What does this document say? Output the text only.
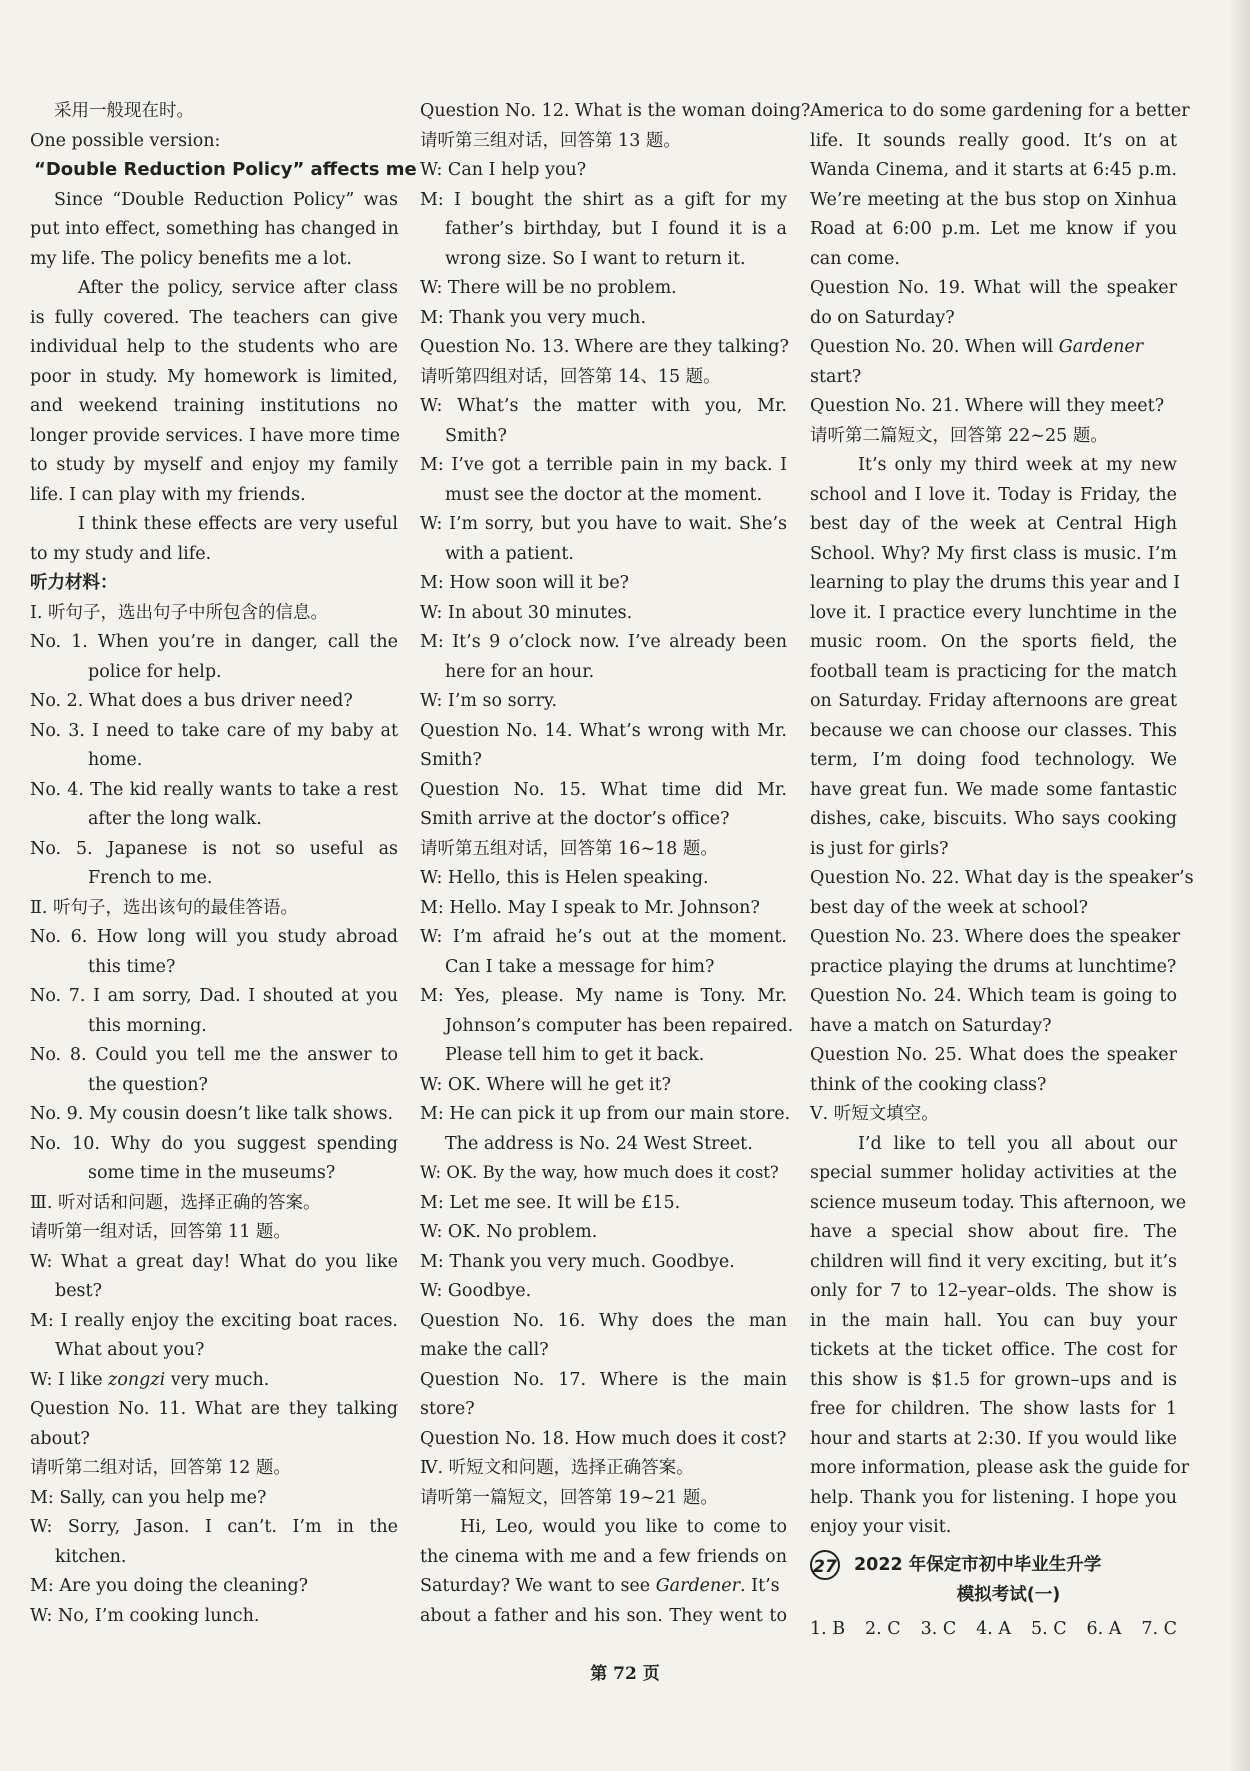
采用一般现在时。
One possible version:
“Double Reduction Policy” affects me
Since “Double Reduction Policy” was
put into effect, something has changed in
my life. The policy benefits me a lot.
After the policy, service after class
is fully covered. The teachers can give
individual help to the students who are
poor in study. My homework is limited,
and weekend training institutions no
longer provide services. I have more time
to study by myself and enjoy my family
life. I can play with my friends.
I think these effects are very useful
to my study and life.
听力材料：
Ⅰ. 听句子，选出句子中所包含的信息。
No. 1. When you’re in danger, call the
police for help.
No. 2. What does a bus driver need?
No. 3. I need to take care of my baby at
home.
No. 4. The kid really wants to take a rest
after the long walk.
No. 5. Japanese is not so useful as
French to me.
Ⅱ. 听句子，选出该句的最佳答语。
No. 6. How long will you study abroad
this time?
No. 7. I am sorry, Dad. I shouted at you
this morning.
No. 8. Could you tell me the answer to
the question?
No. 9. My cousin doesn’t like talk shows.
No. 10. Why do you suggest spending
some time in the museums?
Ⅲ. 听对话和问题，选择正确的答案。
请听第一组对话，回答第 11 题。
W: What a great day! What do you like
best?
M: I really enjoy the exciting boat races.
What about you?
W: I like zongzi very much.
Question No. 11. What are they talking
about?
请听第二组对话，回答第 12 题。
M: Sally, can you help me?
W: Sorry, Jason. I can’t. I’m in the
kitchen.
M: Are you doing the cleaning?
W: No, I’m cooking lunch.
Question No. 12. What is the woman doing?
请听第三组对话，回答第 13 题。
W: Can I help you?
M: I bought the shirt as a gift for my
father’s birthday, but I found it is a
wrong size. So I want to return it.
W: There will be no problem.
M: Thank you very much.
Question No. 13. Where are they talking?
请听第四组对话，回答第 14、15 题。
W: What’s the matter with you, Mr.
Smith?
M: I’ve got a terrible pain in my back. I
must see the doctor at the moment.
W: I’m sorry, but you have to wait. She’s
with a patient.
M: How soon will it be?
W: In about 30 minutes.
M: It’s 9 o’clock now. I’ve already been
here for an hour.
W: I’m so sorry.
Question No. 14. What’s wrong with Mr.
Smith?
Question No. 15. What time did Mr.
Smith arrive at the doctor’s office?
请听第五组对话，回答第 16~18 题。
W: Hello, this is Helen speaking.
M: Hello. May I speak to Mr. Johnson?
W: I’m afraid he’s out at the moment.
Can I take a message for him?
M: Yes, please. My name is Tony. Mr.
Johnson’s computer has been repaired.
Please tell him to get it back.
W: OK. Where will he get it?
M: He can pick it up from our main store.
The address is No. 24 West Street.
W: OK. By the way, how much does it cost?
M: Let me see. It will be £15.
W: OK. No problem.
M: Thank you very much. Goodbye.
W: Goodbye.
Question No. 16. Why does the man
make the call?
Question No. 17. Where is the main
store?
Question No. 18. How much does it cost?
Ⅳ. 听短文和问题，选择正确答案。
请听第一篇短文，回答第 19~21 题。
Hi, Leo, would you like to come to
the cinema with me and a few friends on
Saturday? We want to see Gardener. It’s
about a father and his son. They went to
America to do some gardening for a better
life. It sounds really good. It’s on at
Wanda Cinema, and it starts at 6:45 p.m.
We’re meeting at the bus stop on Xinhua
Road at 6:00 p.m. Let me know if you
can come.
Question No. 19. What will the speaker
do on Saturday?
Question No. 20. When will Gardener
start?
Question No. 21. Where will they meet?
请听第二篇短文，回答第 22~25 题。
It’s only my third week at my new
school and I love it. Today is Friday, the
best day of the week at Central High
School. Why? My first class is music. I’m
learning to play the drums this year and I
love it. I practice every lunchtime in the
music room. On the sports field, the
football team is practicing for the match
on Saturday. Friday afternoons are great
because we can choose our classes. This
term, I’m doing food technology. We
have great fun. We made some fantastic
dishes, cake, biscuits. Who says cooking
is just for girls?
Question No. 22. What day is the speaker’s
best day of the week at school?
Question No. 23. Where does the speaker
practice playing the drums at lunchtime?
Question No. 24. Which team is going to
have a match on Saturday?
Question No. 25. What does the speaker
think of the cooking class?
Ⅴ. 听短文填空。
I’d like to tell you all about our
special summer holiday activities at the
science museum today. This afternoon, we
have a special show about fire. The
children will find it very exciting, but it’s
only for 7 to 12–year–olds. The show is
in the main hall. You can buy your
tickets at the ticket office. The cost for
this show is $1.5 for grown–ups and is
free for children. The show lasts for 1
hour and starts at 2:30. If you would like
more information, please ask the guide for
help. Thank you for listening. I hope you
enjoy your visit.
27 2022 年保定市初中毕业生升学
模拟考试(一)
1. B 2. C 3. C 4. A 5. C 6. A 7. C
第 72 页
